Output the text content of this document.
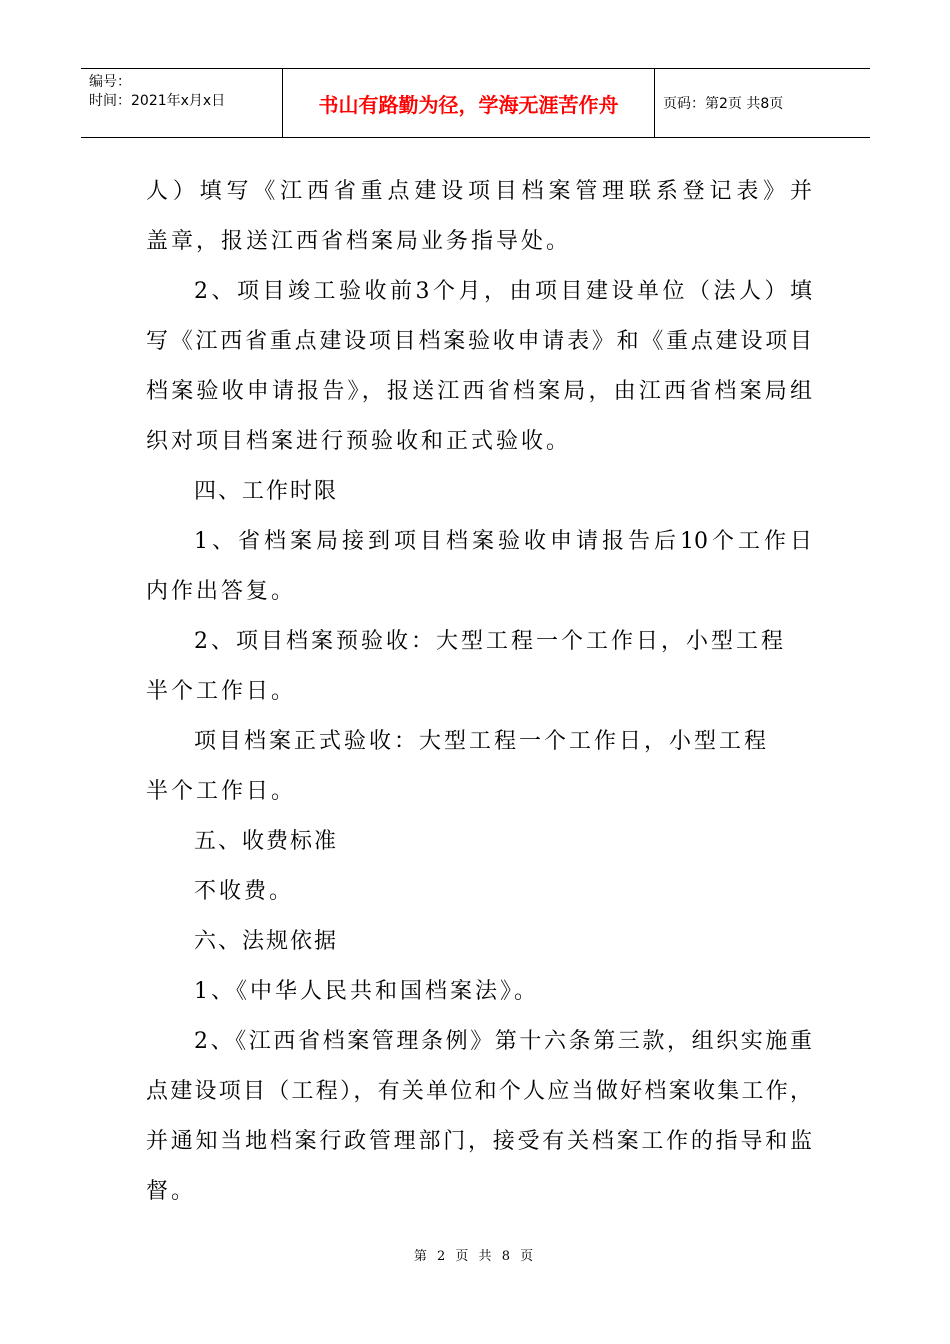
编号：
时间：2021年x月x日	书山有路勤为径，学海无涯苦作舟	页码：第2页 共8页
人）填写《江西省重点建设项目档案管理联系登记表》并
盖章，报送江西省档案局业务指导处。
2、项目竣工验收前3个月，由项目建设单位（法人）填
写《江西省重点建设项目档案验收申请表》和《重点建设项目
档案验收申请报告》，报送江西省档案局，由江西省档案局组
织对项目档案进行预验收和正式验收。
四、工作时限
1、省档案局接到项目档案验收申请报告后10个工作日
内作出答复。
2、项目档案预验收：大型工程一个工作日，小型工程
半个工作日。
项目档案正式验收：大型工程一个工作日，小型工程
半个工作日。
五、收费标准
不收费。
六、法规依据
1、《中华人民共和国档案法》。
2、《江西省档案管理条例》第十六条第三款，组织实施重
点建设项目（工程），有关单位和个人应当做好档案收集工作，
并通知当地档案行政管理部门，接受有关档案工作的指导和监
督。
第 2 页 共 8 页
